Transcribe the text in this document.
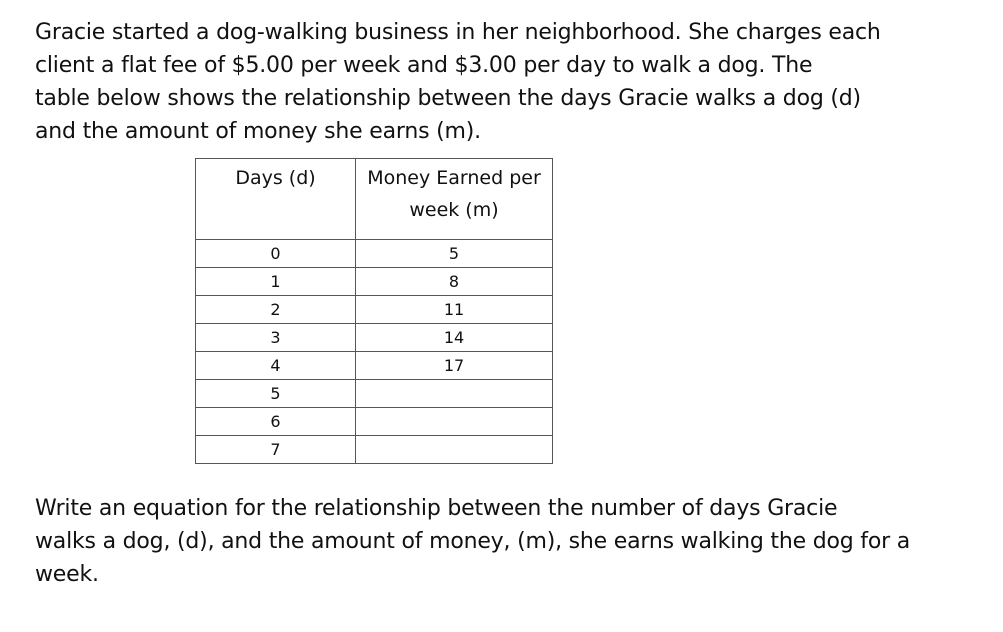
Gracie started a dog-walking business in her neighborhood. She charges each
client a flat fee of $5.00 per week and $3.00 per day to walk a dog. The
table below shows the relationship between the days Gracie walks a dog (d)
and the amount of money she earns (m).

Days (d)	Money Earned per
week (m)

0	5
1	8
2	11
3	14
4	17
5	
6	
7	

Write an equation for the relationship between the number of days Gracie
walks a dog, (d), and the amount of money, (m), she earns walking the dog for a
week.
